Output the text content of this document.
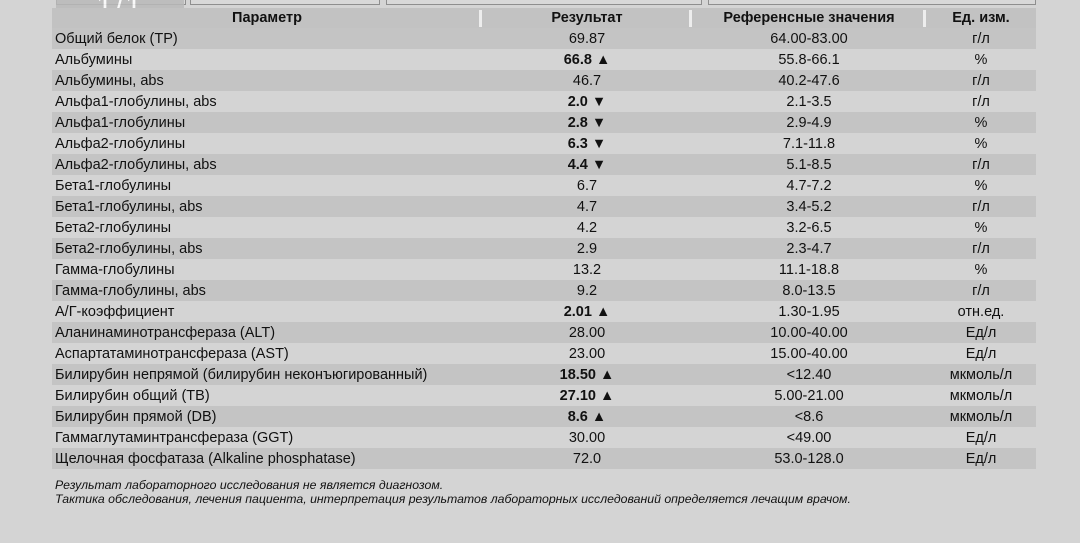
Параметр	Результат	Референсные значения	Ед. изм.
Общий белок (TP)	69.87	64.00-83.00	г/л
Альбумины	66.8 ▲	55.8-66.1	%
Альбумины, abs	46.7	40.2-47.6	г/л
Альфа1-глобулины, abs	2.0 ▼	2.1-3.5	г/л
Альфа1-глобулины	2.8 ▼	2.9-4.9	%
Альфа2-глобулины	6.3 ▼	7.1-11.8	%
Альфа2-глобулины, abs	4.4 ▼	5.1-8.5	г/л
Бета1-глобулины	6.7	4.7-7.2	%
Бета1-глобулины, abs	4.7	3.4-5.2	г/л
Бета2-глобулины	4.2	3.2-6.5	%
Бета2-глобулины, abs	2.9	2.3-4.7	г/л
Гамма-глобулины	13.2	11.1-18.8	%
Гамма-глобулины, abs	9.2	8.0-13.5	г/л
А/Г-коэффициент	2.01 ▲	1.30-1.95	отн.ед.
Аланинаминотрансфераза (ALT)	28.00	10.00-40.00	Ед/л
Аспартатаминотрансфераза (AST)	23.00	15.00-40.00	Ед/л
Билирубин непрямой (билирубин неконъюгированный)	18.50 ▲	<12.40	мкмоль/л
Билирубин общий (TB)	27.10 ▲	5.00-21.00	мкмоль/л
Билирубин прямой (DB)	8.6 ▲	<8.6	мкмоль/л
Гаммаглутаминтрансфераза (GGT)	30.00	<49.00	Ед/л
Щелочная фосфатаза (Alkaline phosphatase)	72.0	53.0-128.0	Ед/л
Результат лабораторного исследования не является диагнозом.
Тактика обследования, лечения пациента, интерпретация результатов лабораторных исследований определяется лечащим врачом.
